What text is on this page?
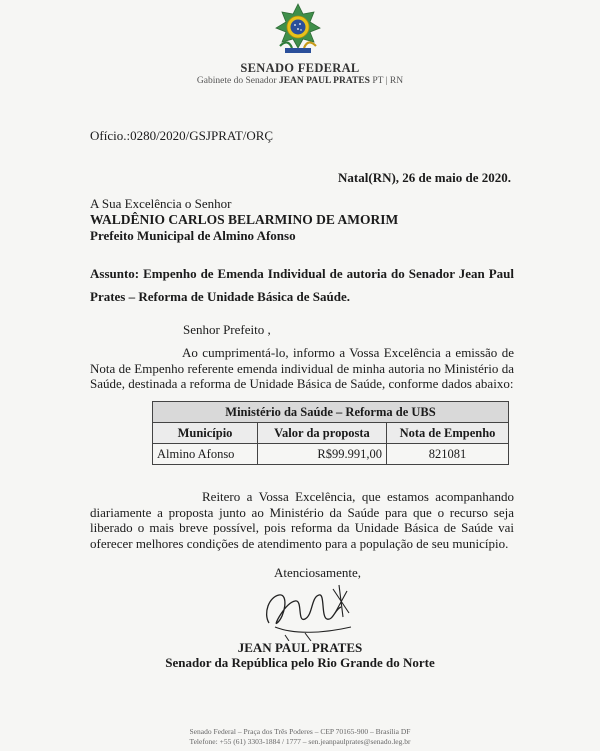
SENADO FEDERAL
Gabinete do Senador JEAN PAUL PRATES PT | RN
Ofício.:0280/2020/GSJPRAT/ORÇ
Natal(RN), 26 de maio de 2020.
A Sua Excelência o Senhor
WALDÊNIO CARLOS BELARMINO DE AMORIM
Prefeito Municipal de Almino Afonso
Assunto: Empenho de Emenda Individual de autoria do Senador Jean Paul Prates – Reforma de Unidade Básica de Saúde.
Senhor Prefeito ,
Ao cumprimentá-lo, informo a Vossa Excelência a emissão de Nota de Empenho referente emenda individual de minha autoria no Ministério da Saúde, destinada a reforma de Unidade Básica de Saúde, conforme dados abaixo:
Ministério da Saúde – Reforma de UBS		
Município	Valor da proposta	Nota de Empenho
Almino Afonso	R$99.991,00	821081
Reitero a Vossa Excelência, que estamos acompanhando diariamente a proposta junto ao Ministério da Saúde para que o recurso seja liberado o mais breve possível, pois reforma da Unidade Básica de Saúde vai oferecer melhores condições de atendimento para a população de seu município.
Atenciosamente,
JEAN PAUL PRATES
Senador da República pelo Rio Grande do Norte
Senado Federal – Praça dos Três Poderes – CEP 70165-900 – Brasília DF
Telefone: +55 (61) 3303-1884 / 1777 – sen.jeanpaulprates@senado.leg.br
